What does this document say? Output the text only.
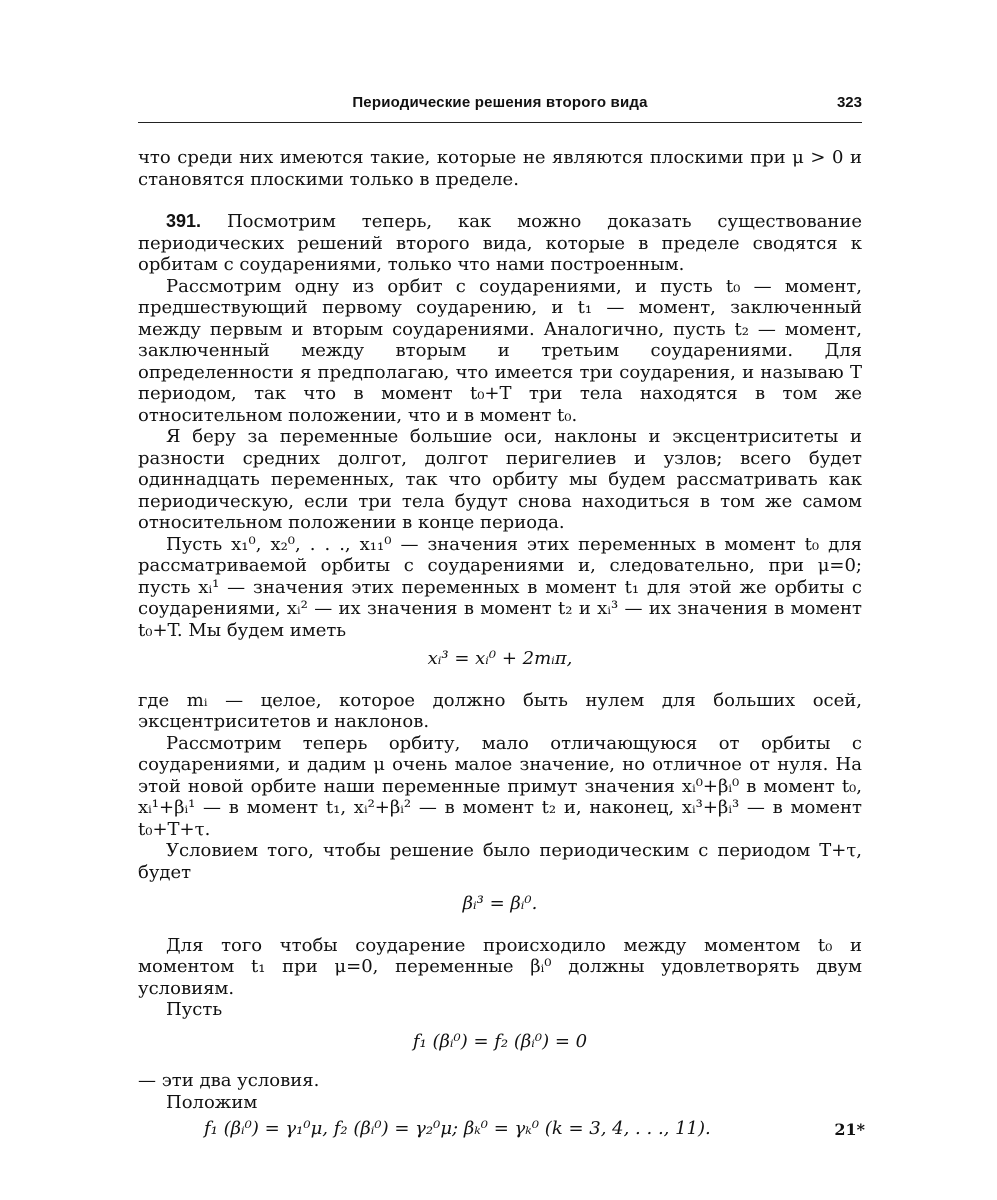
Периодические решения второго вида	323

что среди них имеются такие, которые не являются плоскими при μ > 0 и становятся плоскими только в пределе.

391. Посмотрим теперь, как можно доказать существование периодических решений второго вида, которые в пределе сводятся к орбитам с соударениями, только что нами построенным.

Рассмотрим одну из орбит с соударениями, и пусть t₀ — момент, предшествующий первому соударению, и t₁ — момент, заключенный между первым и вторым соударениями. Аналогично, пусть t₂ — момент, заключенный между вторым и третьим соударениями. Для определенности я предполагаю, что имеется три соударения, и называю T периодом, так что в момент t₀+T три тела находятся в том же относительном положении, что и в момент t₀.

Я беру за переменные большие оси, наклоны и эксцентриситеты и разности средних долгот, долгот перигелиев и узлов; всего будет одиннадцать переменных, так что орбиту мы будем рассматривать как периодическую, если три тела будут снова находиться в том же самом относительном положении в конце периода.

Пусть x₁⁰, x₂⁰, . . ., x₁₁⁰ — значения этих переменных в момент t₀ для рассматриваемой орбиты с соударениями и, следовательно, при μ=0; пусть xᵢ¹ — значения этих переменных в момент t₁ для этой же орбиты с соударениями, xᵢ² — их значения в момент t₂ и xᵢ³ — их значения в момент t₀+T. Мы будем иметь

xᵢ³ = xᵢ⁰ + 2mᵢπ,

где mᵢ — целое, которое должно быть нулем для больших осей, эксцентриситетов и наклонов.

Рассмотрим теперь орбиту, мало отличающуюся от орбиты с соударениями, и дадим μ очень малое значение, но отличное от нуля. На этой новой орбите наши переменные примут значения xᵢ⁰+βᵢ⁰ в момент t₀, xᵢ¹+βᵢ¹ — в момент t₁, xᵢ²+βᵢ² — в момент t₂ и, наконец, xᵢ³+βᵢ³ — в момент t₀+T+τ.

Условием того, чтобы решение было периодическим с периодом T+τ, будет

βᵢ³ = βᵢ⁰.

Для того чтобы соударение происходило между моментом t₀ и моментом t₁ при μ=0, переменные βᵢ⁰ должны удовлетворять двум условиям.

Пусть

f₁ (βᵢ⁰) = f₂ (βᵢ⁰) = 0

— эти два условия.

Положим

f₁ (βᵢ⁰) = γ₁⁰μ, f₂ (βᵢ⁰) = γ₂⁰μ; βₖ⁰ = γₖ⁰ (k = 3, 4, . . ., 11).	21*
